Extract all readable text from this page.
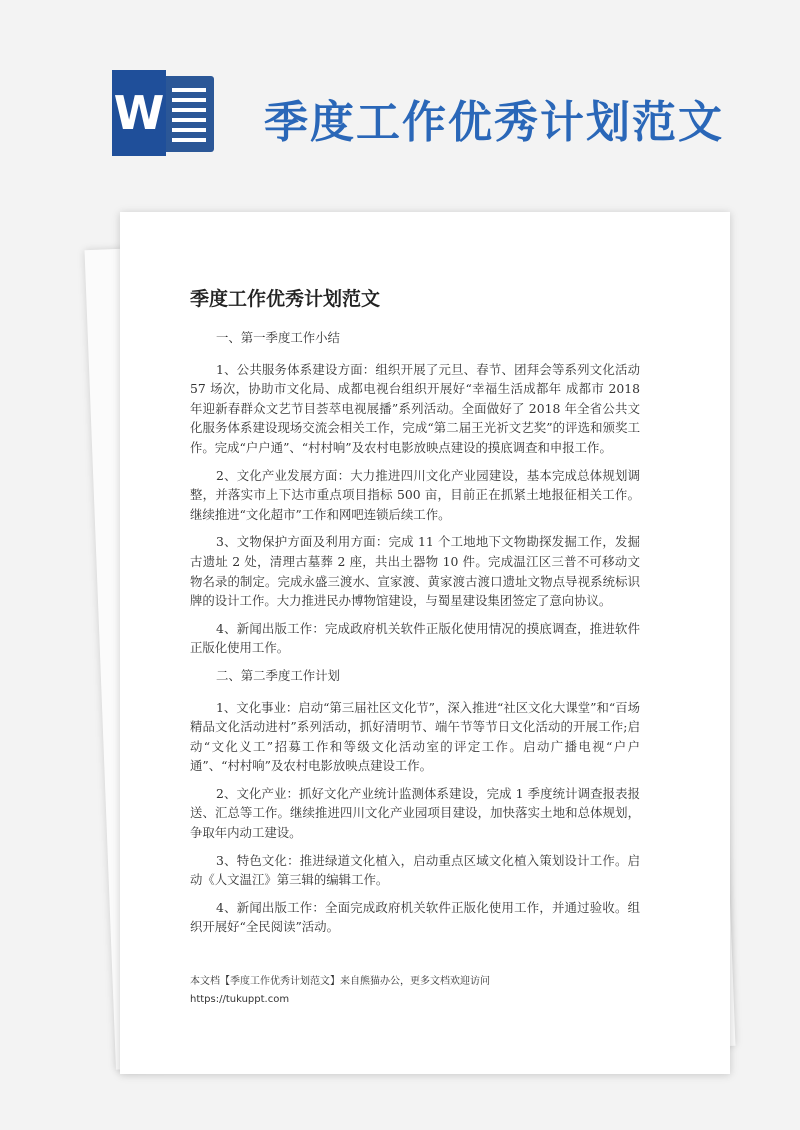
W 季度工作优秀计划范文
季度工作优秀计划范文

一、第一季度工作小结

1、公共服务体系建设方面：组织开展了元旦、春节、团拜会等系列文化活动 57 场次，协助市文化局、成都电视台组织开展好“幸福生活成都年 成都市 2018 年迎新春群众文艺节目荟萃电视展播”系列活动。全面做好了 2018 年全省公共文化服务体系建设现场交流会相关工作，完成“第二届王光祈文艺奖”的评选和颁奖工作。完成“户户通”、“村村响”及农村电影放映点建设的摸底调查和申报工作。

2、文化产业发展方面：大力推进四川文化产业园建设，基本完成总体规划调整，并落实市上下达市重点项目指标 500 亩，目前正在抓紧土地报征相关工作。继续推进“文化超市”工作和网吧连锁后续工作。

3、文物保护方面及利用方面：完成 11 个工地地下文物勘探发掘工作，发掘古遗址 2 处，清理古墓葬 2 座，共出土器物 10 件。完成温江区三普不可移动文物名录的制定。完成永盛三渡水、宣家渡、黄家渡古渡口遗址文物点导视系统标识牌的设计工作。大力推进民办博物馆建设，与蜀星建设集团签定了意向协议。

4、新闻出版工作：完成政府机关软件正版化使用情况的摸底调查，推进软件正版化使用工作。

二、第二季度工作计划

1、文化事业：启动“第三届社区文化节”，深入推进“社区文化大课堂”和“百场精品文化活动进村”系列活动，抓好清明节、端午节等节日文化活动的开展工作;启动“文化义工”招募工作和等级文化活动室的评定工作。启动广播电视“户户通”、“村村响”及农村电影放映点建设工作。

2、文化产业：抓好文化产业统计监测体系建设，完成 1 季度统计调查报表报送、汇总等工作。继续推进四川文化产业园项目建设，加快落实土地和总体规划，争取年内动工建设。

3、特色文化：推进绿道文化植入，启动重点区域文化植入策划设计工作。启动《人文温江》第三辑的编辑工作。

4、新闻出版工作：全面完成政府机关软件正版化使用工作，并通过验收。组织开展好“全民阅读”活动。

本文档【季度工作优秀计划范文】来自熊猫办公，更多文档欢迎访问
https://tukuppt.com
